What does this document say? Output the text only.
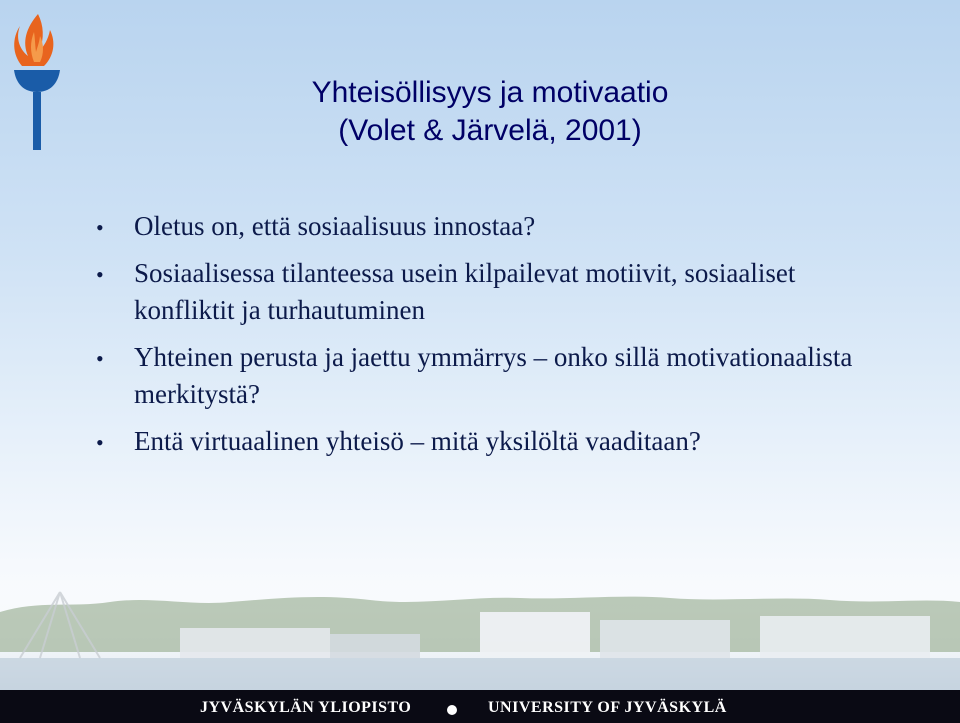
Yhteisöllisyys ja motivaatio
(Volet & Järvelä, 2001)
• Oletus on, että sosiaalisuus innostaa?
• Sosiaalisessa tilanteessa usein kilpailevat motiivit, sosiaaliset konfliktit ja turhautuminen
• Yhteinen perusta ja jaettu ymmärrys – onko sillä motivationaalista merkitystä?
• Entä virtuaalinen yhteisö – mitä yksilöltä vaaditaan?
JYVÄSKYLÄN YLIOPISTO	UNIVERSITY OF JYVÄSKYLÄ
